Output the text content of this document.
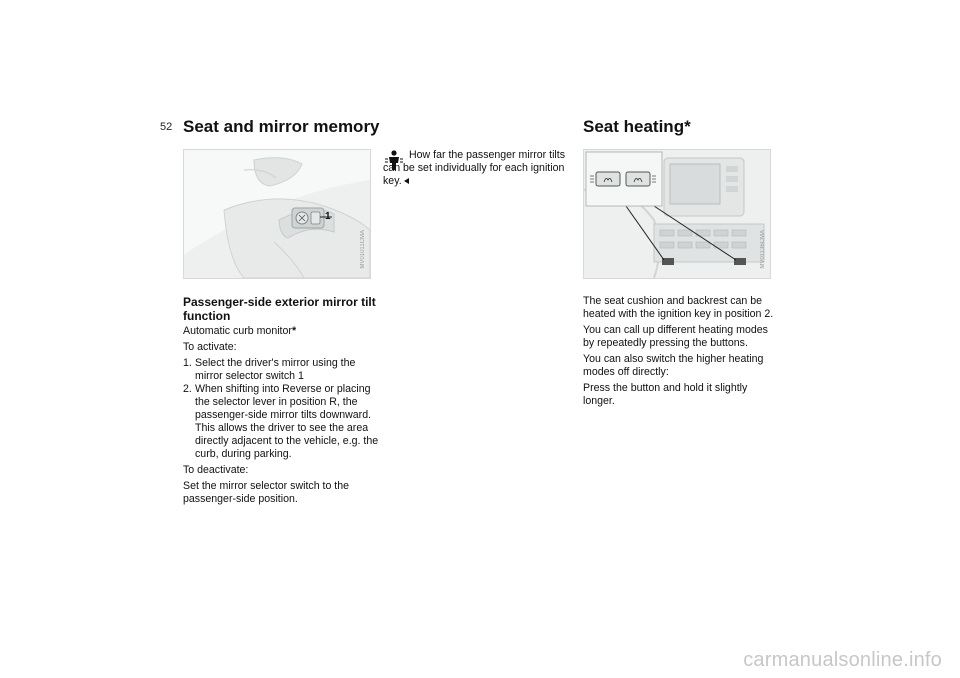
52 Seat and mirror memory
1
MV01011CMA
Passenger-side exterior mirror tilt function

Automatic curb monitor*

To activate:

1. Select the driver's mirror using the mirror selector switch 1
2. When shifting into Reverse or placing the selector lever in position R, the passenger-side mirror tilts downward. This allows the driver to see the area directly adjacent to the vehicle, e.g. the curb, during parking.

To deactivate:

Set the mirror selector switch to the passenger-side position.

How far the passenger mirror tilts can be set individually for each ignition key.
Seat heating*
MV01136CMA

The seat cushion and backrest can be heated with the ignition key in position 2.

You can call up different heating modes by repeatedly pressing the buttons.

You can also switch the higher heating modes off directly:

Press the button and hold it slightly longer.

carmanualsonline.info
